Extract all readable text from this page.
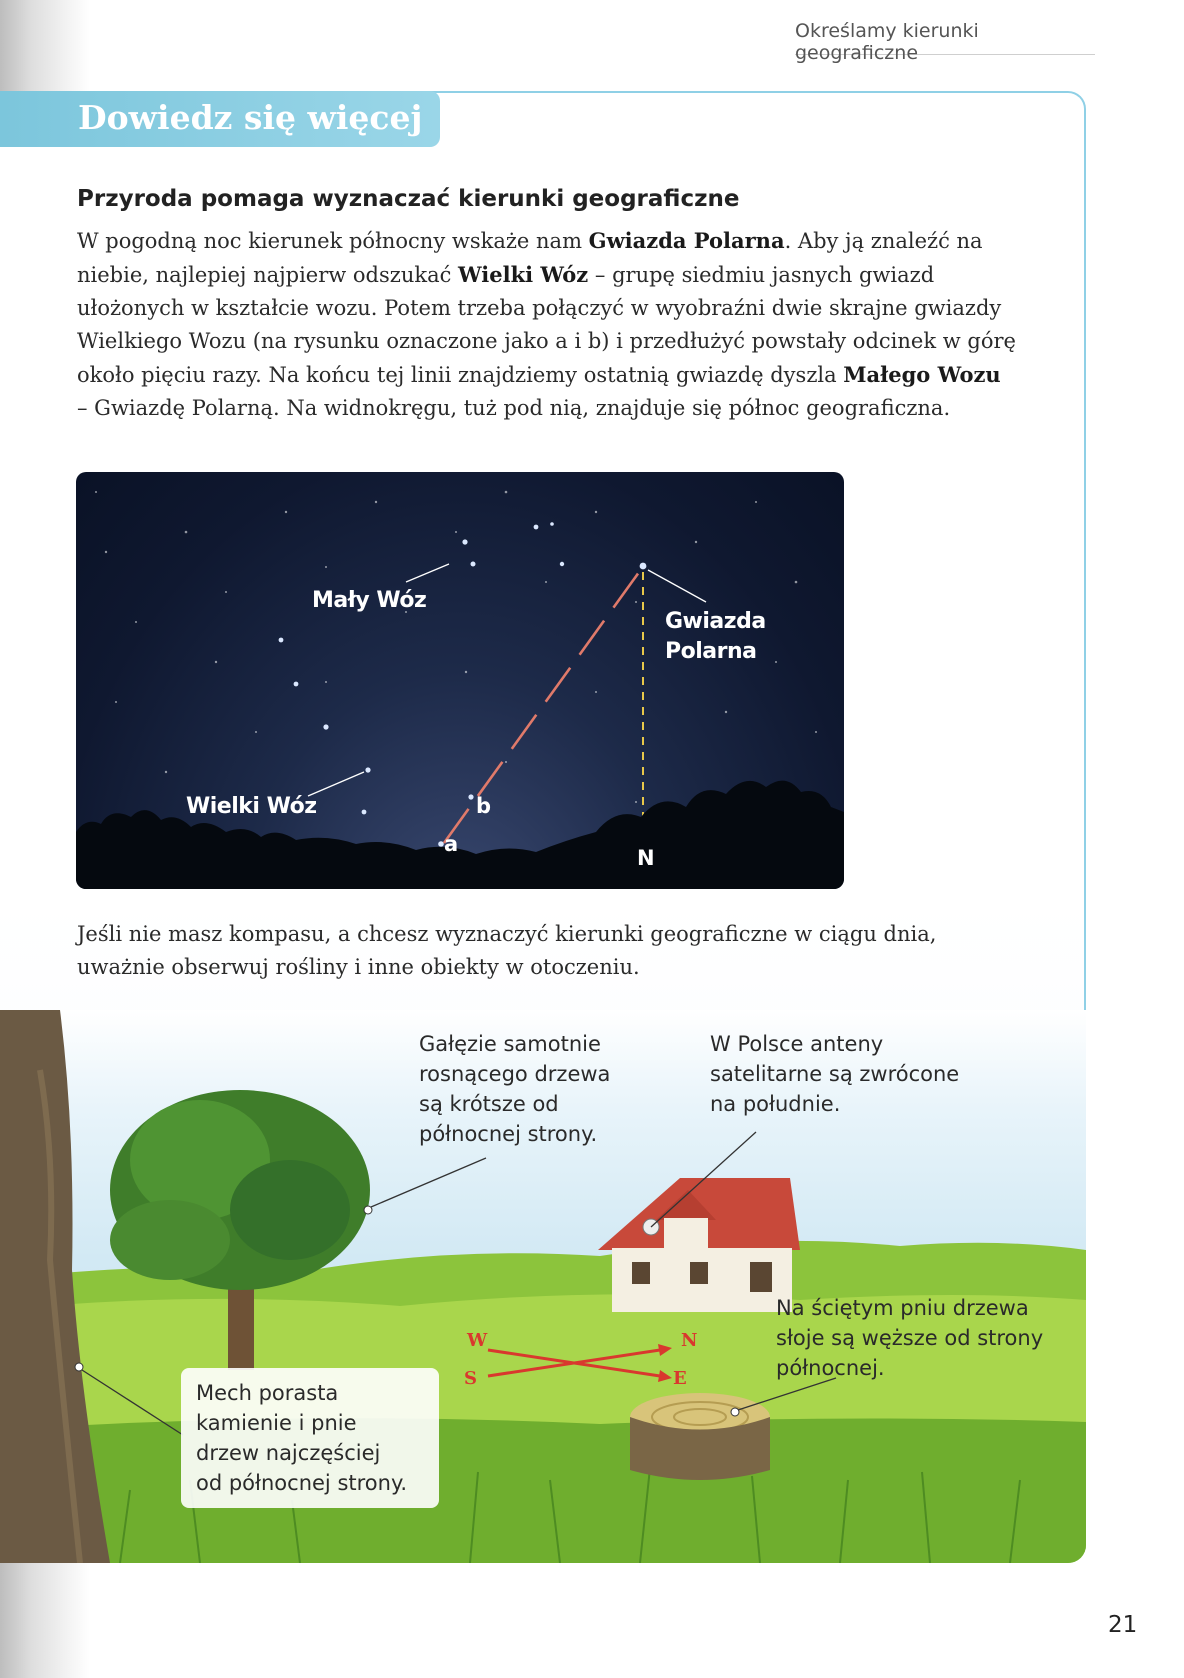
Określamy kierunki geograficzne
Dowiedz się więcej
Przyroda pomaga wyznaczać kierunki geograficzne
W pogodną noc kierunek północny wskaże nam Gwiazda Polarna. Aby ją znaleźć na niebie, najlepiej najpierw odszukać Wielki Wóz – grupę siedmiu jasnych gwiazd ułożonych w kształcie wozu. Potem trzeba połączyć w wyobraźni dwie skrajne gwiazdy Wielkiego Wozu (na rysunku oznaczone jako a i b) i przedłużyć powstały odcinek w górę około pięciu razy. Na końcu tej linii znajdziemy ostatnią gwiazdę dyszla Małego Wozu – Gwiazdę Polarną. Na widnokręgu, tuż pod nią, znajduje się północ geograficzna.
Mały Wóz
Gwiazda
Polarna
Wielki Wóz	b
a
N
Jeśli nie masz kompasu, a chcesz wyznaczyć kierunki geograficzne w ciągu dnia, uważnie obserwuj rośliny i inne obiekty w otoczeniu.
W	N
S	E
Gałęzie samotnie
rosnącego drzewa
są krótsze od
północnej strony.
W Polsce anteny
satelitarne są zwrócone
na południe.
Na ściętym pniu drzewa
słoje są węższe od strony
północnej.
Mech porasta
kamienie i pnie
drzew najczęściej
od północnej strony.
21
